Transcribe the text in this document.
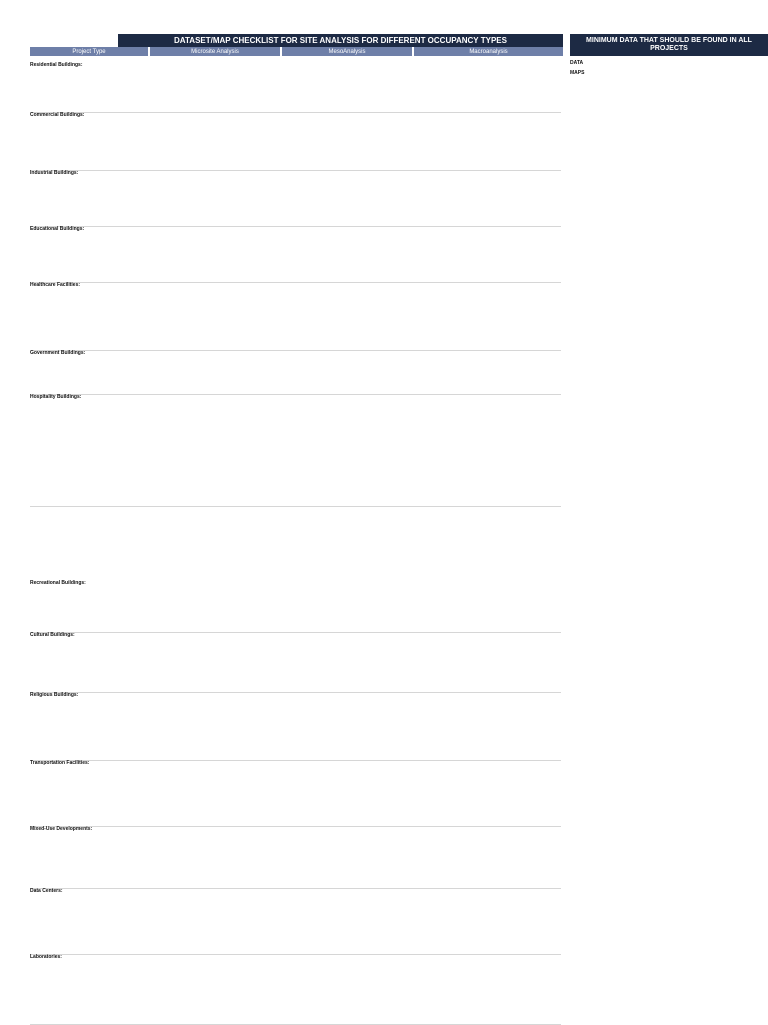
DATASET/MAP CHECKLIST FOR SITE ANALYSIS FOR DIFFERENT OCCUPANCY TYPES
Project Type	Microsite Analysis	MesoAnalysis	Macroanalysis
MINIMUM DATA THAT SHOULD BE FOUND IN ALL PROJECTS
Residential Buildings:
Commercial Buildings:
Industrial Buildings:
Educational Buildings:
Healthcare Facilities:
Government Buildings:
Hospitality Buildings:
Recreational Buildings:
Cultural Buildings:
Religious Buildings:
Transportation Facilities:
Mixed-Use Developments:
Data Centers:
Laboratories:
DATA
MAPS
